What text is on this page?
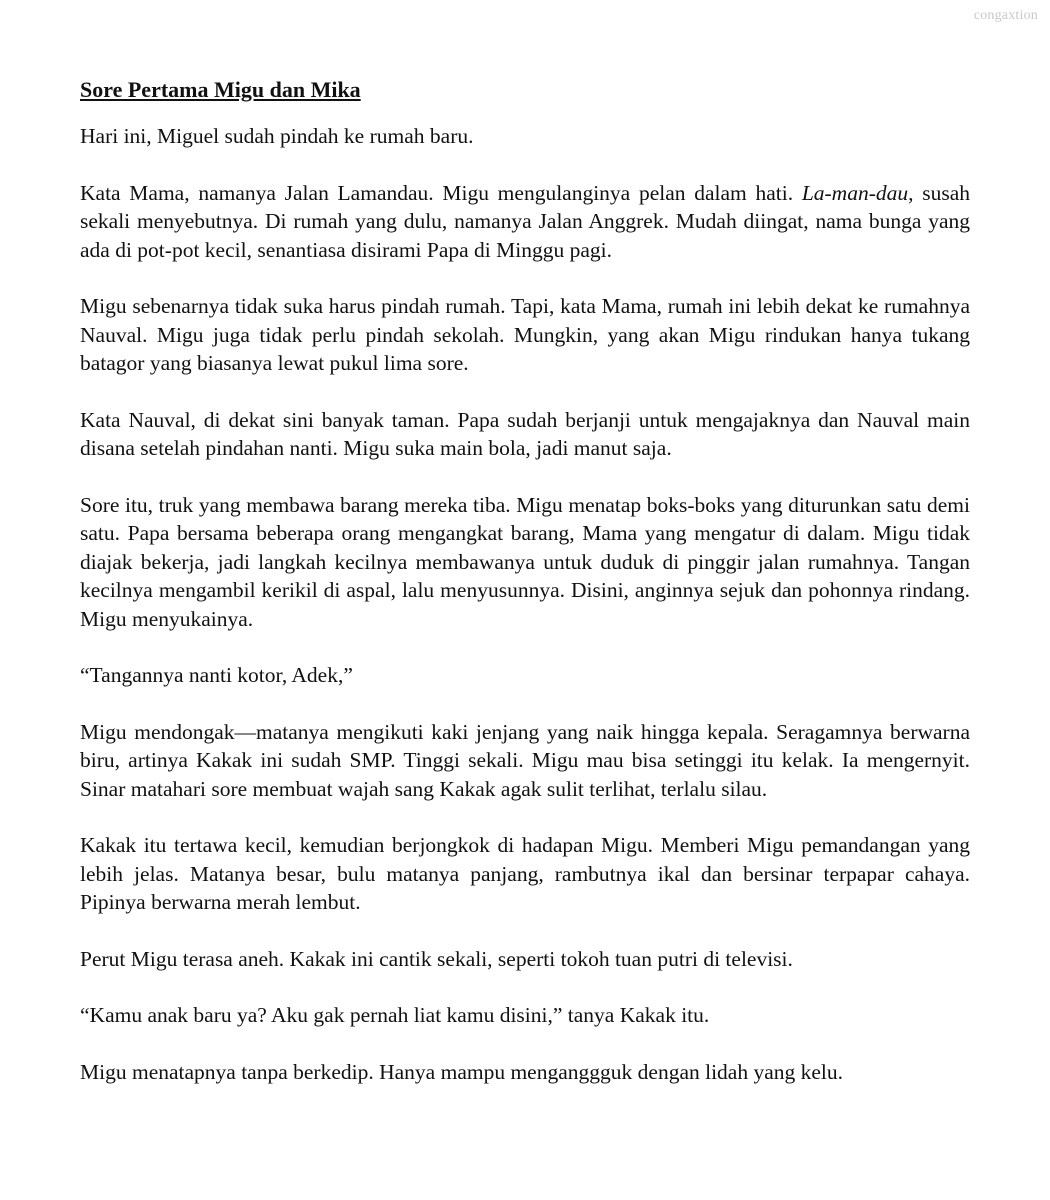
congaxtion
Sore Pertama Migu dan Mika

Hari ini, Miguel sudah pindah ke rumah baru.

Kata Mama, namanya Jalan Lamandau. Migu mengulanginya pelan dalam hati. La-man-dau, susah sekali menyebutnya. Di rumah yang dulu, namanya Jalan Anggrek. Mudah diingat, nama bunga yang ada di pot-pot kecil, senantiasa disirami Papa di Minggu pagi.

Migu sebenarnya tidak suka harus pindah rumah. Tapi, kata Mama, rumah ini lebih dekat ke rumahnya Nauval. Migu juga tidak perlu pindah sekolah. Mungkin, yang akan Migu rindukan hanya tukang batagor yang biasanya lewat pukul lima sore.

Kata Nauval, di dekat sini banyak taman. Papa sudah berjanji untuk mengajaknya dan Nauval main disana setelah pindahan nanti. Migu suka main bola, jadi manut saja.

Sore itu, truk yang membawa barang mereka tiba. Migu menatap boks-boks yang diturunkan satu demi satu. Papa bersama beberapa orang mengangkat barang, Mama yang mengatur di dalam. Migu tidak diajak bekerja, jadi langkah kecilnya membawanya untuk duduk di pinggir jalan rumahnya. Tangan kecilnya mengambil kerikil di aspal, lalu menyusunnya. Disini, anginnya sejuk dan pohonnya rindang. Migu menyukainya.

“Tangannya nanti kotor, Adek,”

Migu mendongak—matanya mengikuti kaki jenjang yang naik hingga kepala. Seragamnya berwarna biru, artinya Kakak ini sudah SMP. Tinggi sekali. Migu mau bisa setinggi itu kelak. Ia mengernyit. Sinar matahari sore membuat wajah sang Kakak agak sulit terlihat, terlalu silau.

Kakak itu tertawa kecil, kemudian berjongkok di hadapan Migu. Memberi Migu pemandangan yang lebih jelas. Matanya besar, bulu matanya panjang, rambutnya ikal dan bersinar terpapar cahaya. Pipinya berwarna merah lembut.

Perut Migu terasa aneh. Kakak ini cantik sekali, seperti tokoh tuan putri di televisi.

“Kamu anak baru ya? Aku gak pernah liat kamu disini,” tanya Kakak itu.

Migu menatapnya tanpa berkedip. Hanya mampu menganggguk dengan lidah yang kelu.
